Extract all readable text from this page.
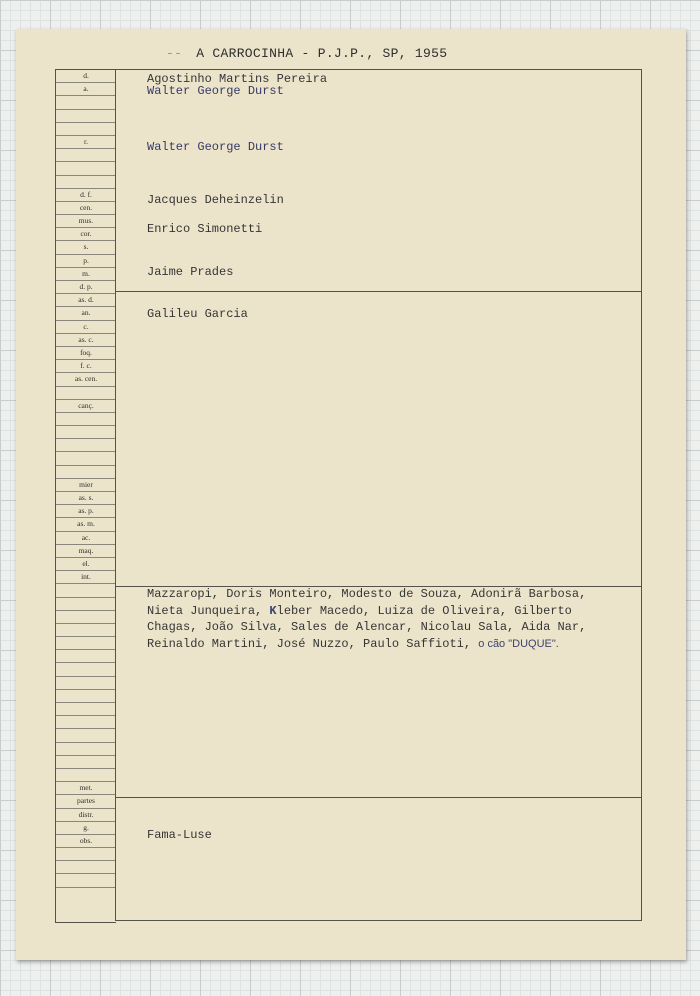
-- A CARROCINHA - P.J.P., SP, 1955
d.
a.
r.
d. f.
cen.
mus.
cor.
s.
p.
m.
d. p.
as. d.
an.
c.
as. c.
foq.
f. c.
as. cen.
canç.
mier
as. s.
as. p.
as. m.
ac.
maq.
el.
int.
met.
partes
distr.
g.
obs.
Agostinho Martins Pereira
Walter George Durst
Walter George Durst
Jacques Deheinzelin
Enrico Simonetti
Jaime Prades
Galileu Garcia
Mazzaropi, Doris Monteiro, Modesto de Souza, Adonirã Barbosa,
Nieta Junqueira, Kleber Macedo, Luiza de Oliveira, Gilberto
Chagas, João Silva, Sales de Alencar, Nicolau Sala, Aida Nar,
Reinaldo Martini, José Nuzzo, Paulo Saffioti, o cão "DUQUE".
Fama-Luse
